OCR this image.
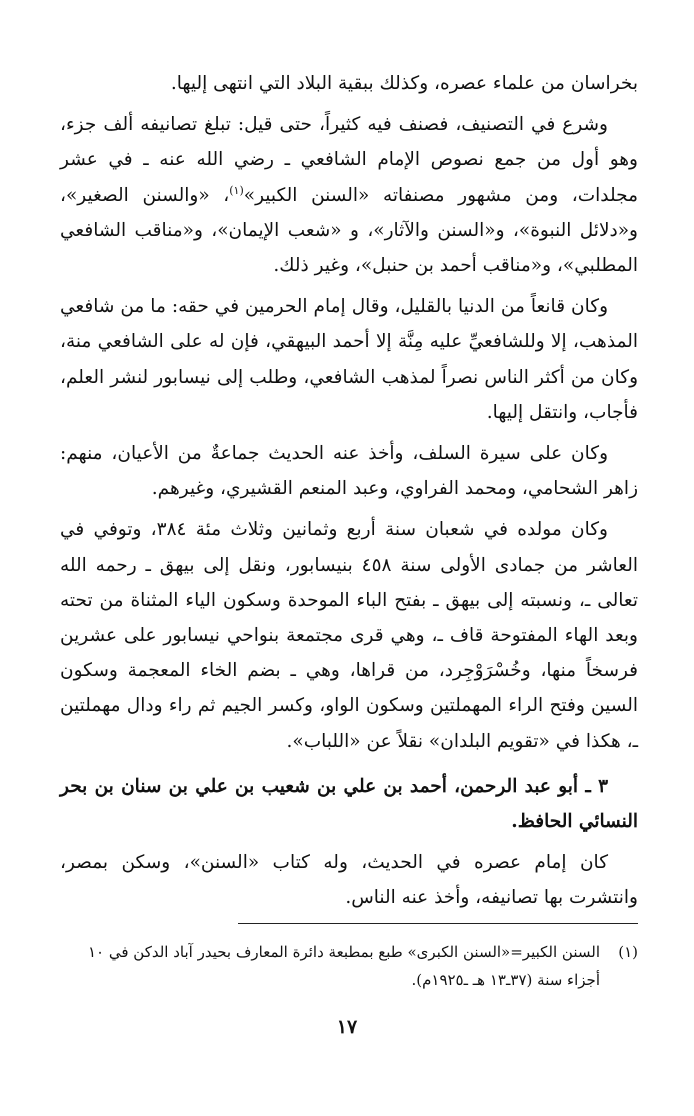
بخراسان من علماء عصره، وكذلك ببقية البلاد التي انتهى إليها.

وشرع في التصنيف، فصنف فيه كثيراً، حتى قيل: تبلغ تصانيفه ألف جزء، وهو أول من جمع نصوص الإمام الشافعي ـ رضي الله عنه ـ في عشر مجلدات، ومن مشهور مصنفاته «السنن الكبير»$^{(١)}$، «والسنن الصغير»، و«دلائل النبوة»، و«السنن والآثار»، و «شعب الإيمان»، و«مناقب الشافعي المطلبي»، و«مناقب أحمد بن حنبل»، وغير ذلك.

وكان قانعاً من الدنيا بالقليل، وقال إمام الحرمين في حقه: ما من شافعي المذهب، إلا وللشافعيِّ عليه مِنَّة إلا أحمد البيهقي، فإن له على الشافعي منة، وكان من أكثر الناس نصراً لمذهب الشافعي، وطلب إلى نيسابور لنشر العلم، فأجاب، وانتقل إليها.

وكان على سيرة السلف، وأخذ عنه الحديث جماعةٌ من الأعيان، منهم: زاهر الشحامي، ومحمد الفراوي، وعبد المنعم القشيري، وغيرهم.

وكان مولده في شعبان سنة أربع وثمانين وثلاث مئة ٣٨٤، وتوفي في العاشر من جمادى الأولى سنة ٤٥٨ بنيسابور، ونقل إلى بيهق ـ رحمه الله تعالى ـ، ونسبته إلى بيهق ـ بفتح الباء الموحدة وسكون الياء المثناة من تحته وبعد الهاء المفتوحة قاف ـ، وهي قرى مجتمعة بنواحي نيسابور على عشرين فرسخاً منها، وخُسْرَوْجِرد، من قراها، وهي ـ بضم الخاء المعجمة وسكون السين وفتح الراء المهملتين وسكون الواو، وكسر الجيم ثم راء ودال مهملتين ـ، هكذا في «تقويم البلدان» نقلاً عن «اللباب».

٣ ـ أبو عبد الرحمن، أحمد بن علي بن شعيب بن علي بن سنان بن بحر النسائي الحافظ.

كان إمام عصره في الحديث، وله كتاب «السنن»، وسكن بمصر، وانتشرت بها تصانيفه، وأخذ عنه الناس.

(١)
السنن الكبير=«السنن الكبرى» طبع بمطبعة دائرة المعارف بحيدر آباد الدكن في ١٠ أجزاء سنة (٣٧ـ١٣ هـ ـ١٩٢٥م).
١٧
